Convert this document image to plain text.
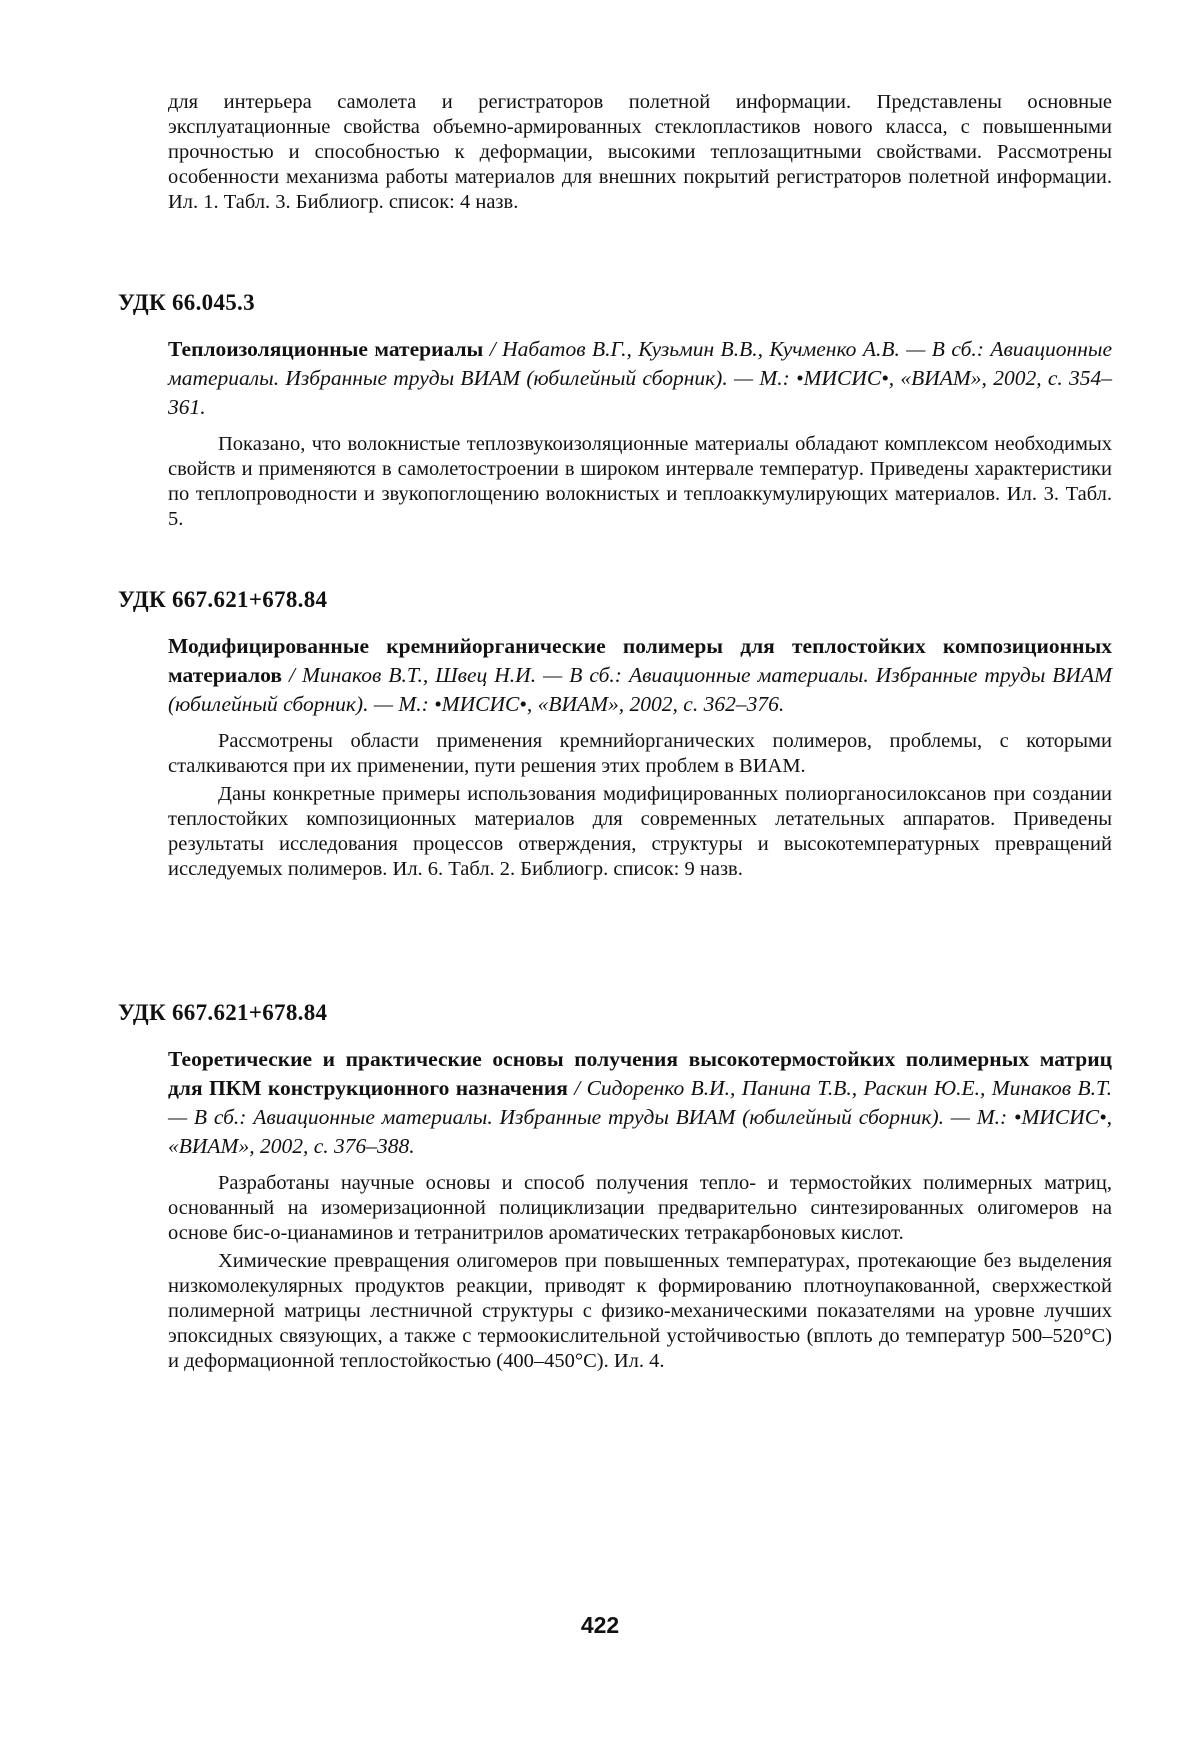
для интерьера самолета и регистраторов полетной информации. Представлены основные эксплуатационные свойства объемно-армированных стеклопластиков нового класса, с повышенными прочностью и способностью к деформации, высокими теплозащитными свойствами. Рассмотрены особенности механизма работы материалов для внешних покрытий регистраторов полетной информации. Ил. 1. Табл. 3. Библиогр. список: 4 назв.

УДК 66.045.3

Теплоизоляционные материалы / Набатов В.Г., Кузьмин В.В., Кучменко А.В. — В сб.: Авиационные материалы. Избранные труды ВИАМ (юбилейный сборник). — М.: •МИСИС•, «ВИАМ», 2002, с. 354–361.

Показано, что волокнистые теплозвукоизоляционные материалы обладают комплексом необходимых свойств и применяются в самолетостроении в широком интервале температур. Приведены характеристики по теплопроводности и звукопоглощению волокнистых и теплоаккумулирующих материалов. Ил. 3. Табл. 5.

УДК 667.621+678.84

Модифицированные кремнийорганические полимеры для теплостойких композиционных материалов / Минаков В.Т., Швец Н.И. — В сб.: Авиационные материалы. Избранные труды ВИАМ (юбилейный сборник). — М.: •МИСИС•, «ВИАМ», 2002, с. 362–376.

Рассмотрены области применения кремнийорганических полимеров, проблемы, с которыми сталкиваются при их применении, пути решения этих проблем в ВИАМ.

Даны конкретные примеры использования модифицированных полиорганосилоксанов при создании теплостойких композиционных материалов для современных летательных аппаратов. Приведены результаты исследования процессов отверждения, структуры и высокотемпературных превращений исследуемых полимеров. Ил. 6. Табл. 2. Библиогр. список: 9 назв.

УДК 667.621+678.84

Теоретические и практические основы получения высокотермостойких полимерных матриц для ПКМ конструкционного назначения / Сидоренко В.И., Панина Т.В., Раскин Ю.Е., Минаков В.Т. — В сб.: Авиационные материалы. Избранные труды ВИАМ (юбилейный сборник). — М.: •МИСИС•, «ВИАМ», 2002, с. 376–388.

Разработаны научные основы и способ получения тепло- и термостойких полимерных матриц, основанный на изомеризационной полициклизации предварительно синтезированных олигомеров на основе бис-о-цианаминов и тетранитрилов ароматических тетракарбоновых кислот.

Химические превращения олигомеров при повышенных температурах, протекающие без выделения низкомолекулярных продуктов реакции, приводят к формированию плотноупакованной, сверхжесткой полимерной матрицы лестничной структуры с физико-механическими показателями на уровне лучших эпоксидных связующих, а также с термоокислительной устойчивостью (вплоть до температур 500–520°С) и деформационной теплостойкостью (400–450°С). Ил. 4.

422
